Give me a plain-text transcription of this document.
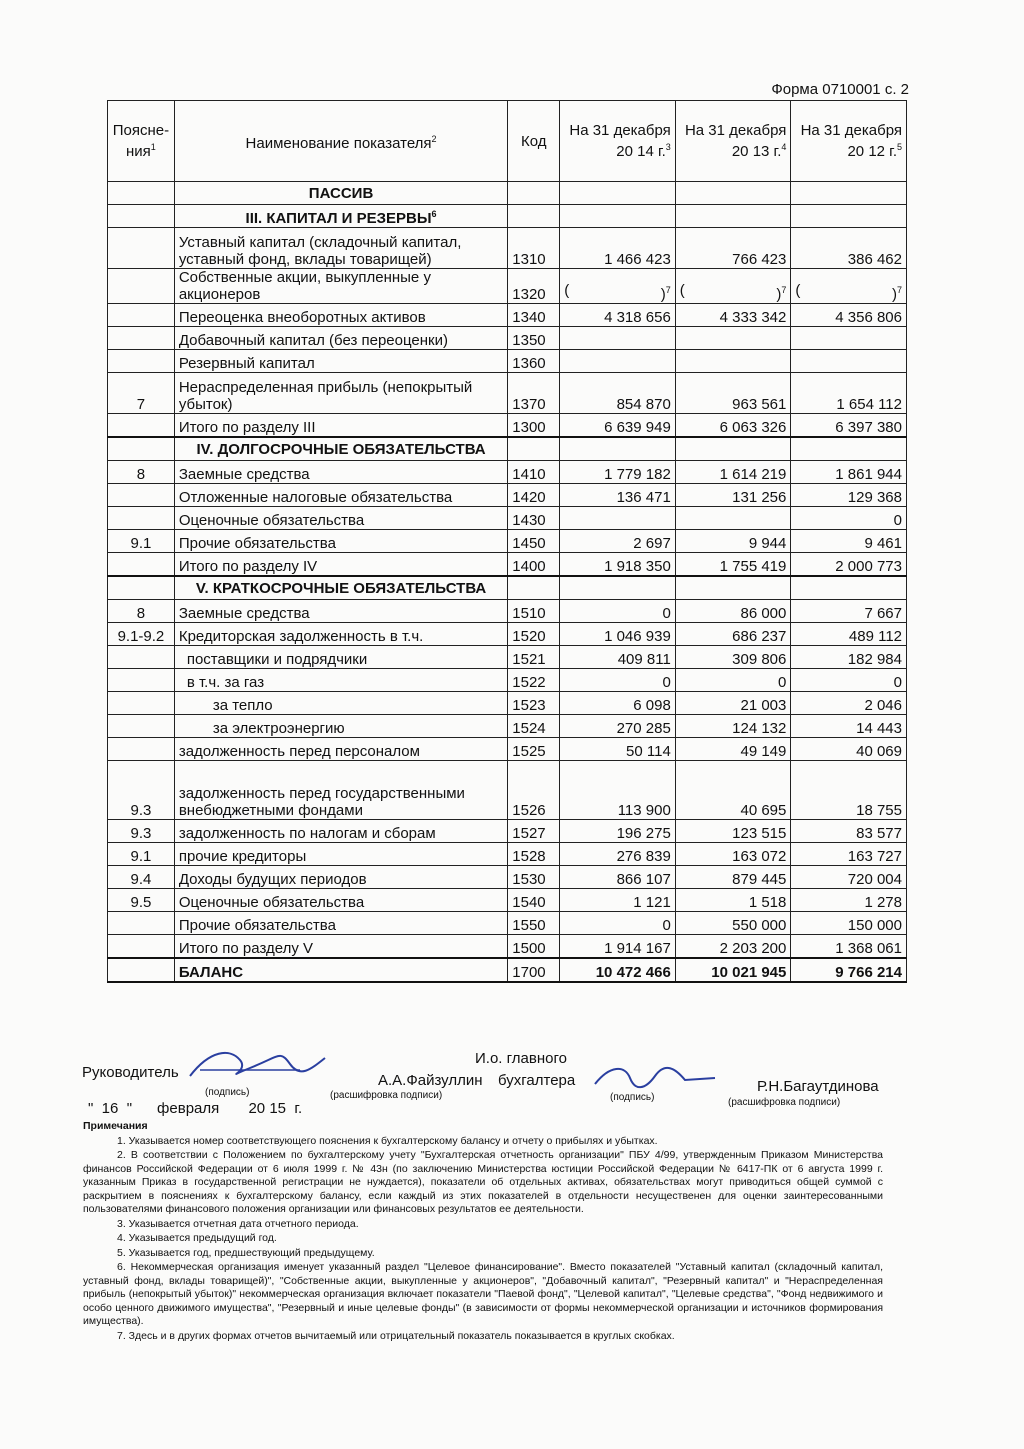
Форма 0710001 с. 2
Поясне-ния$^1$	Наименование показателя$^2$	Код	На 31 декабря 20 14 г.$^3$	На 31 декабря 20 13 г.$^4$	На 31 декабря 20 12 г.$^5$
	ПАССИВ				
	III. КАПИТАЛ И РЕЗЕРВЫ$^6$				
	Уставный капитал (складочный капитал, уставный фонд, вклады товарищей)	1310	1 466 423	766 423	386 462
	Собственные акции, выкупленные у акционеров	1320	( )$^7$	( )$^7$	( )$^7$

	Переоценка внеоборотных активов	1340	4 318 656	4 333 342	4 356 806
	Добавочный капитал (без переоценки)	1350			
	Резервный капитал	1360			
7	Нераспределенная прибыль (непокрытый убыток)	1370	854 870	963 561	1 654 112
	Итого по разделу III	1300	6 639 949	6 063 326	6 397 380
	IV. ДОЛГОСРОЧНЫЕ ОБЯЗАТЕЛЬСТВА				
8	Заемные средства	1410	1 779 182	1 614 219	1 861 944
	Отложенные налоговые обязательства	1420	136 471	131 256	129 368
	Оценочные обязательства	1430			0
9.1	Прочие обязательства	1450	2 697	9 944	9 461
	Итого по разделу IV	1400	1 918 350	1 755 419	2 000 773
	V. КРАТКОСРОЧНЫЕ ОБЯЗАТЕЛЬСТВА				
8	Заемные средства	1510	0	86 000	7 667
9.1-9.2	Кредиторская задолженность в т.ч.	1520	1 046 939	686 237	489 112
	поставщики и подрядчики	1521	409 811	309 806	182 984
	в т.ч. за газ	1522	0	0	0
	за тепло	1523	6 098	21 003	2 046
	за электроэнергию	1524	270 285	124 132	14 443
	задолженность перед персоналом	1525	50 114	49 149	40 069
9.3	задолженность перед государственными внебюджетными фондами	1526	113 900	40 695	18 755
9.3	задолженность по налогам и сборам	1527	196 275	123 515	83 577
9.1	прочие кредиторы	1528	276 839	163 072	163 727
9.4	Доходы будущих периодов	1530	866 107	879 445	720 004
9.5	Оценочные обязательства	1540	1 121	1 518	1 278
	Прочие обязательства	1550	0	550 000	150 000
	Итого по разделу V	1500	1 914 167	2 203 200	1 368 061
	БАЛАНС	1700	10 472 466	10 021 945	9 766 214
Руководитель
(подпись)
А.А.Файзуллин
(расшифровка подписи)
И.о. главного
бухгалтера
(подпись)
Р.Н.Багаутдинова
(расшифровка подписи)
" 16 " февраля 20 15 г.

Примечания

1. Указывается номер соответствующего пояснения к бухгалтерскому балансу и отчету о прибылях и убытках.

2. В соответствии с Положением по бухгалтерскому учету "Бухгалтерская отчетность организации" ПБУ 4/99, утвержденным Приказом Министерства финансов Российской Федерации от 6 июля 1999 г. № 43н (по заключению Министерства юстиции Российской Федерации № 6417-ПК от 6 августа 1999 г. указанным Приказ в государственной регистрации не нуждается), показатели об отдельных активах, обязательствах могут приводиться общей суммой с раскрытием в пояснениях к бухгалтерскому балансу, если каждый из этих показателей в отдельности несущественен для оценки заинтересованными пользователями финансового положения организации или финансовых результатов ее деятельности.

3. Указывается отчетная дата отчетного периода.

4. Указывается предыдущий год.

5. Указывается год, предшествующий предыдущему.

6. Некоммерческая организация именует указанный раздел "Целевое финансирование". Вместо показателей "Уставный капитал (складочный капитал, уставный фонд, вклады товарищей)", "Собственные акции, выкупленные у акционеров", "Добавочный капитал", "Резервный капитал" и "Нераспределенная прибыль (непокрытый убыток)" некоммерческая организация включает показатели "Паевой фонд", "Целевой капитал", "Целевые средства", "Фонд недвижимого и особо ценного движимого имущества", "Резервный и иные целевые фонды" (в зависимости от формы некоммерческой организации и источников формирования имущества).

7. Здесь и в других формах отчетов вычитаемый или отрицательный показатель показывается в круглых скобках.
